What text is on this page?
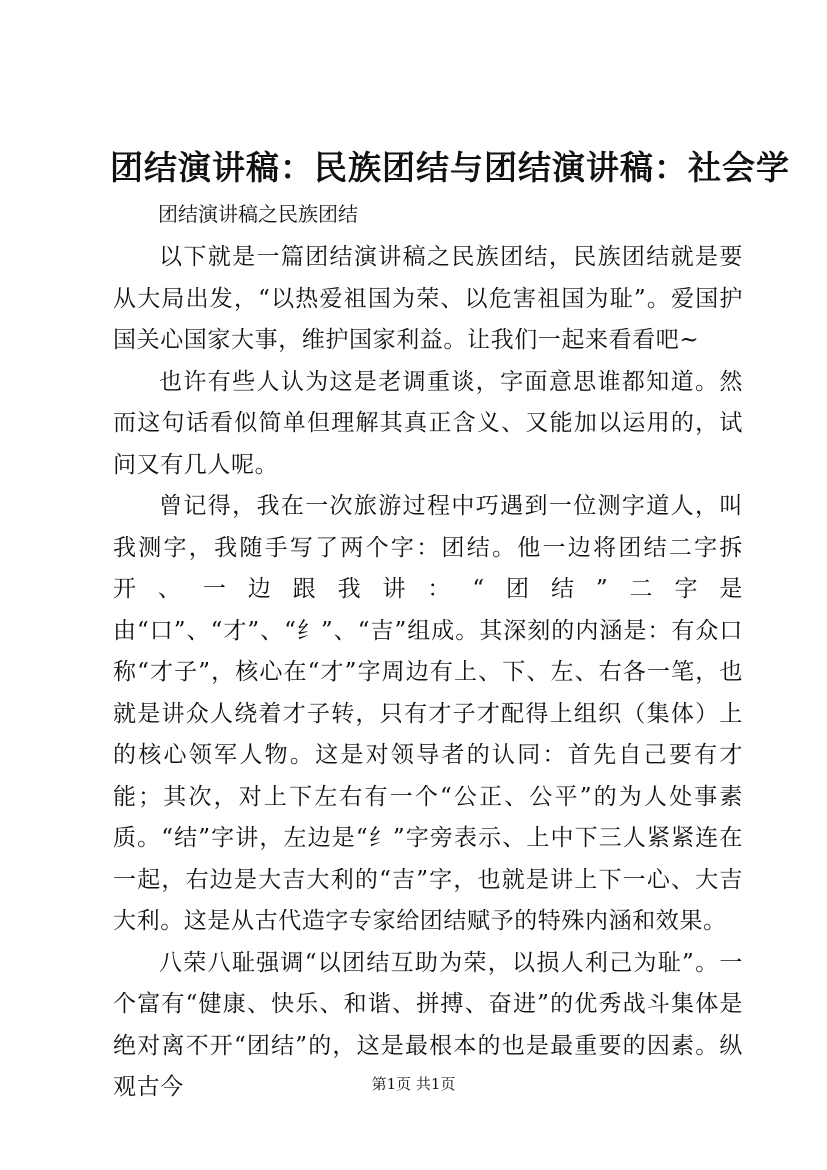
团结演讲稿：民族团结与团结演讲稿：社会学
团结演讲稿之民族团结

以下就是一篇团结演讲稿之民族团结，民族团结就是要从大局出发，“以热爱祖国为荣、以危害祖国为耻”。爱国护国关心国家大事，维护国家利益。让我们一起来看看吧~

也许有些人认为这是老调重谈，字面意思谁都知道。然而这句话看似简单但理解其真正含义、又能加以运用的，试问又有几人呢。

曾记得，我在一次旅游过程中巧遇到一位测字道人，叫我测字，我随手写了两个字：团结。他一边将团结二字拆开、一边跟我讲：“团结”二字是由“口”、“才”、“纟”、“吉”组成。其深刻的内涵是：有众口称“才子”，核心在“才”字周边有上、下、左、右各一笔，也就是讲众人绕着才子转，只有才子才配得上组织（集体）上的核心领军人物。这是对领导者的认同：首先自己要有才能；其次，对上下左右有一个“公正、公平”的为人处事素质。“结”字讲，左边是“纟”字旁表示、上中下三人紧紧连在一起，右边是大吉大利的“吉”字，也就是讲上下一心、大吉大利。这是从古代造字专家给团结赋予的特殊内涵和效果。

八荣八耻强调“以团结互助为荣，以损人利己为耻”。一个富有“健康、快乐、和谐、拼搏、奋进”的优秀战斗集体是绝对离不开“团结”的，这是最根本的也是最重要的因素。纵观古今	第1页 共1页
